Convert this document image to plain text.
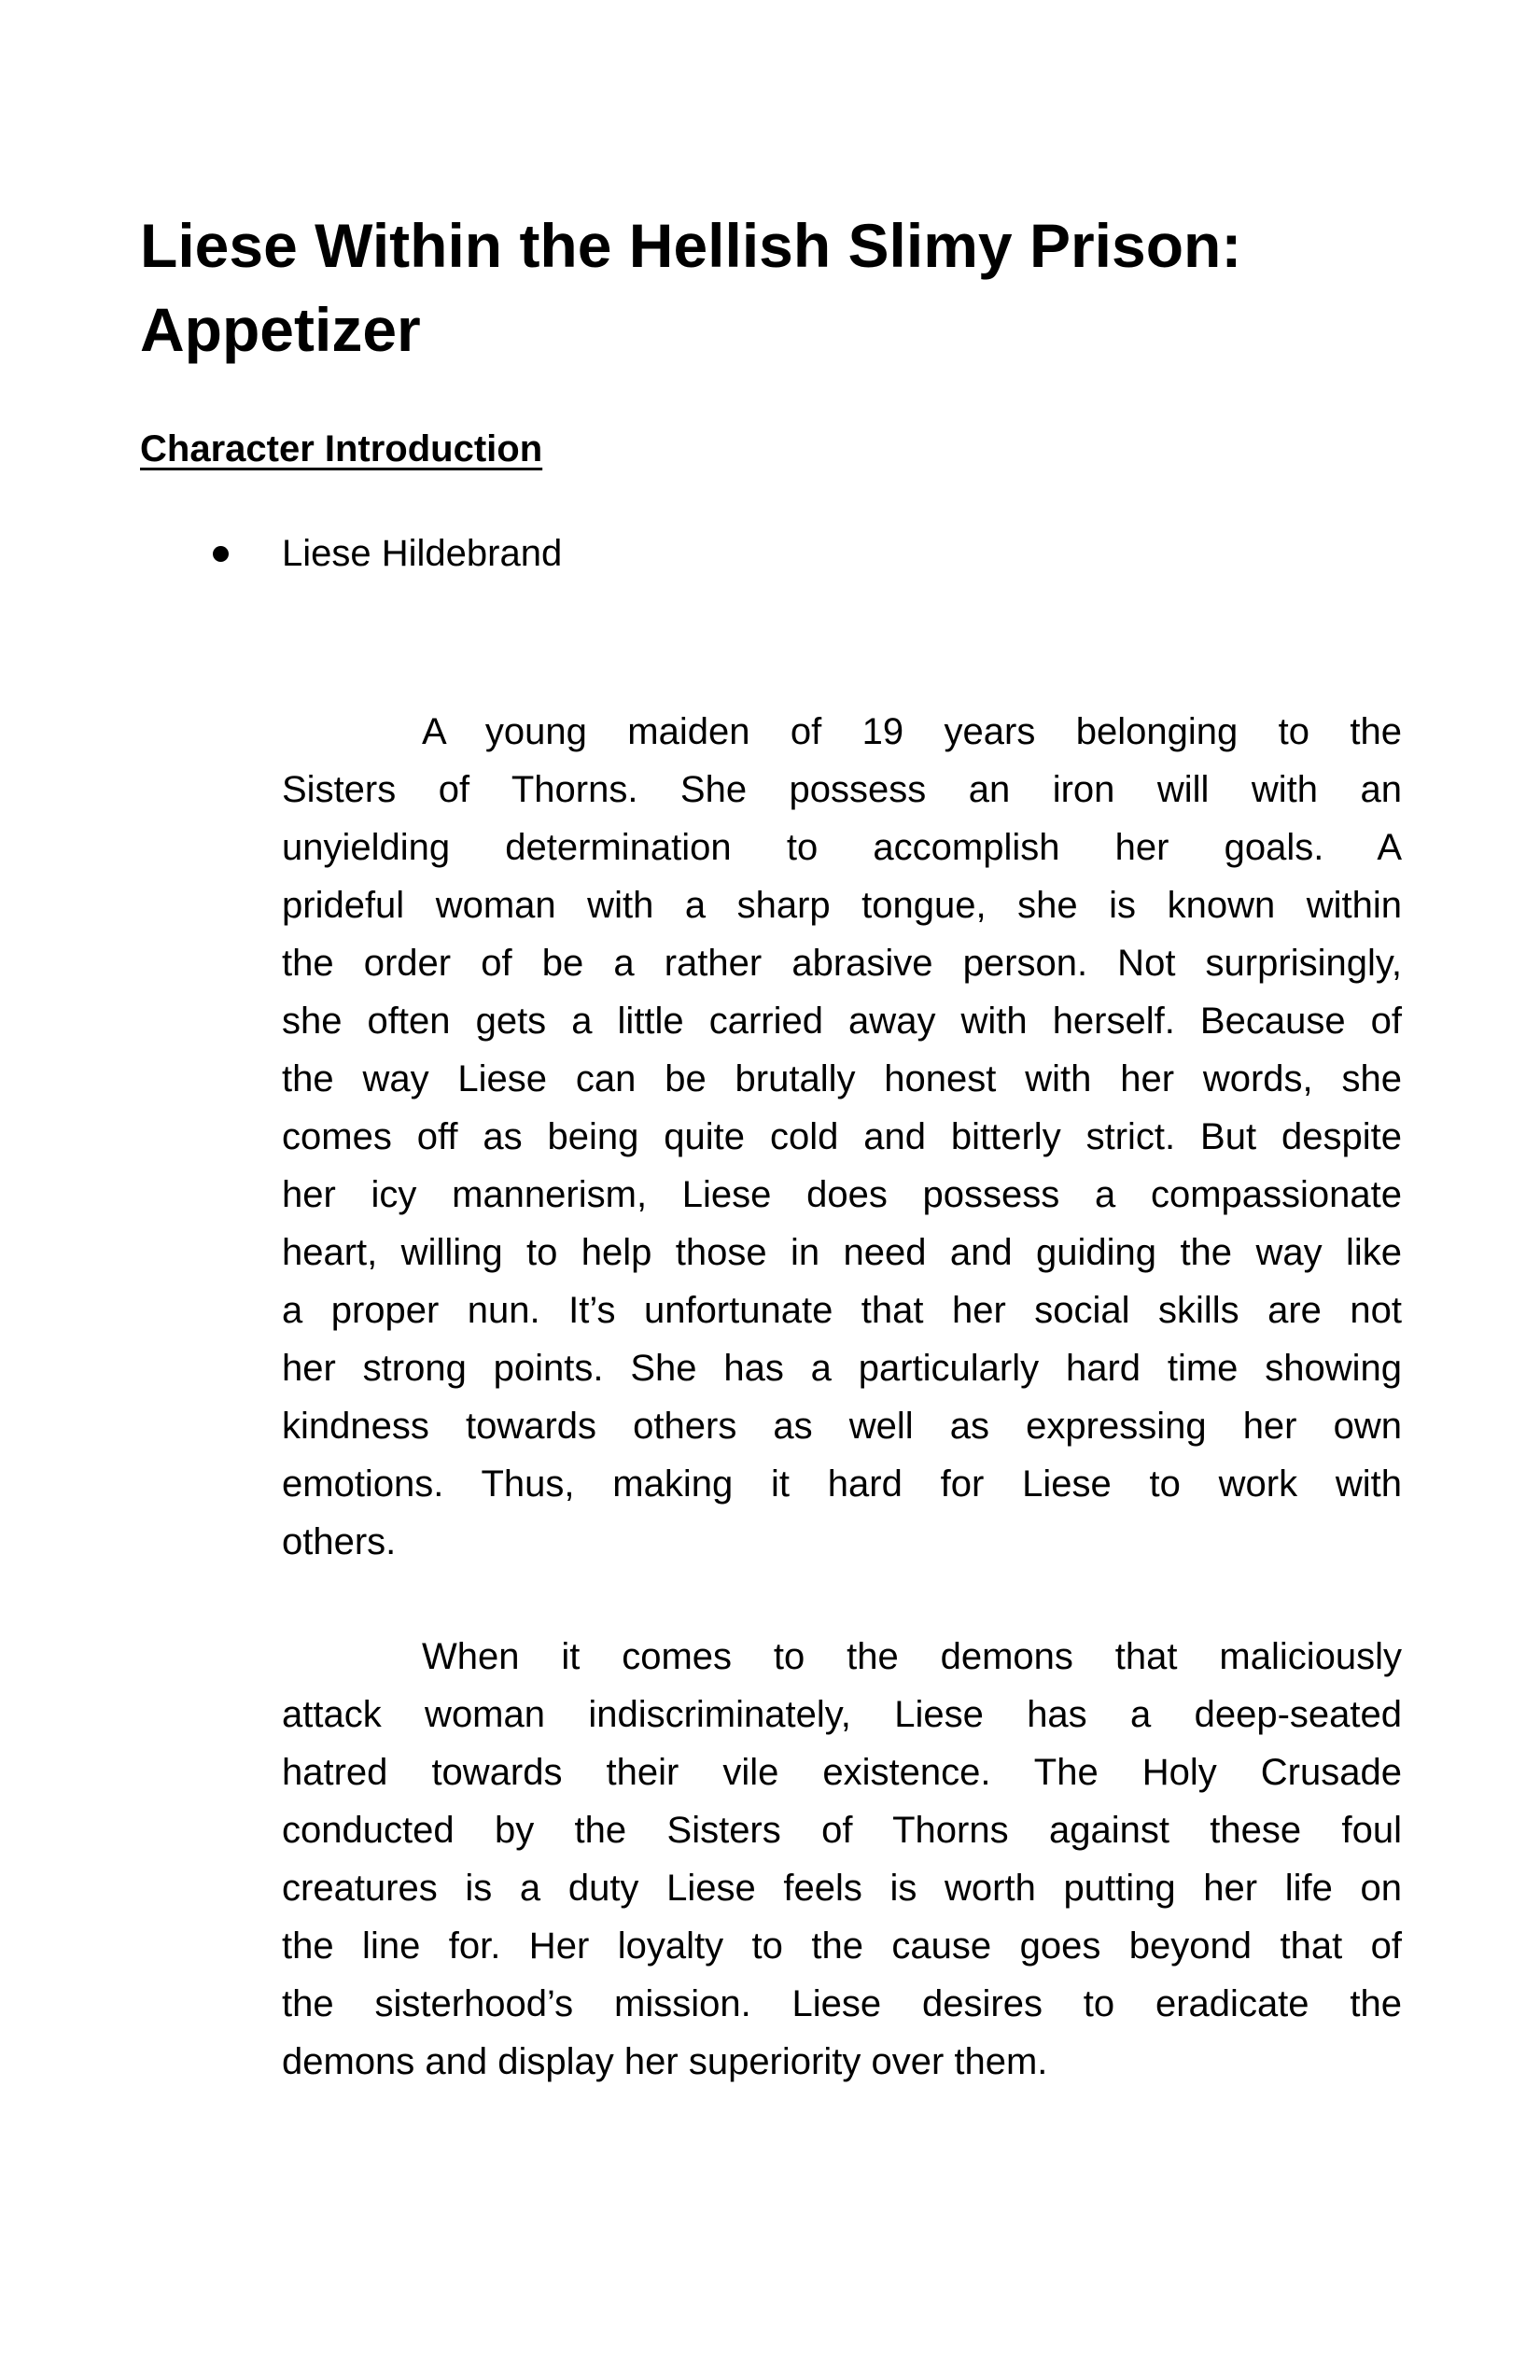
Liese Within the Hellish Slimy Prison:
Appetizer
Character Introduction
Liese Hildebrand
A young maiden of 19 years belonging to the
Sisters of Thorns. She possess an iron will with an
unyielding determination to accomplish her goals. A
prideful woman with a sharp tongue, she is known within
the order of be a rather abrasive person. Not surprisingly,
she often gets a little carried away with herself. Because of
the way Liese can be brutally honest with her words, she
comes off as being quite cold and bitterly strict. But despite
her icy mannerism, Liese does possess a compassionate
heart, willing to help those in need and guiding the way like
a proper nun. It’s unfortunate that her social skills are not
her strong points. She has a particularly hard time showing
kindness towards others as well as expressing her own
emotions. Thus, making it hard for Liese to work with
others.
When it comes to the demons that maliciously
attack woman indiscriminately, Liese has a deep-seated
hatred towards their vile existence. The Holy Crusade
conducted by the Sisters of Thorns against these foul
creatures is a duty Liese feels is worth putting her life on
the line for. Her loyalty to the cause goes beyond that of
the sisterhood’s mission. Liese desires to eradicate the
demons and display her superiority over them.
